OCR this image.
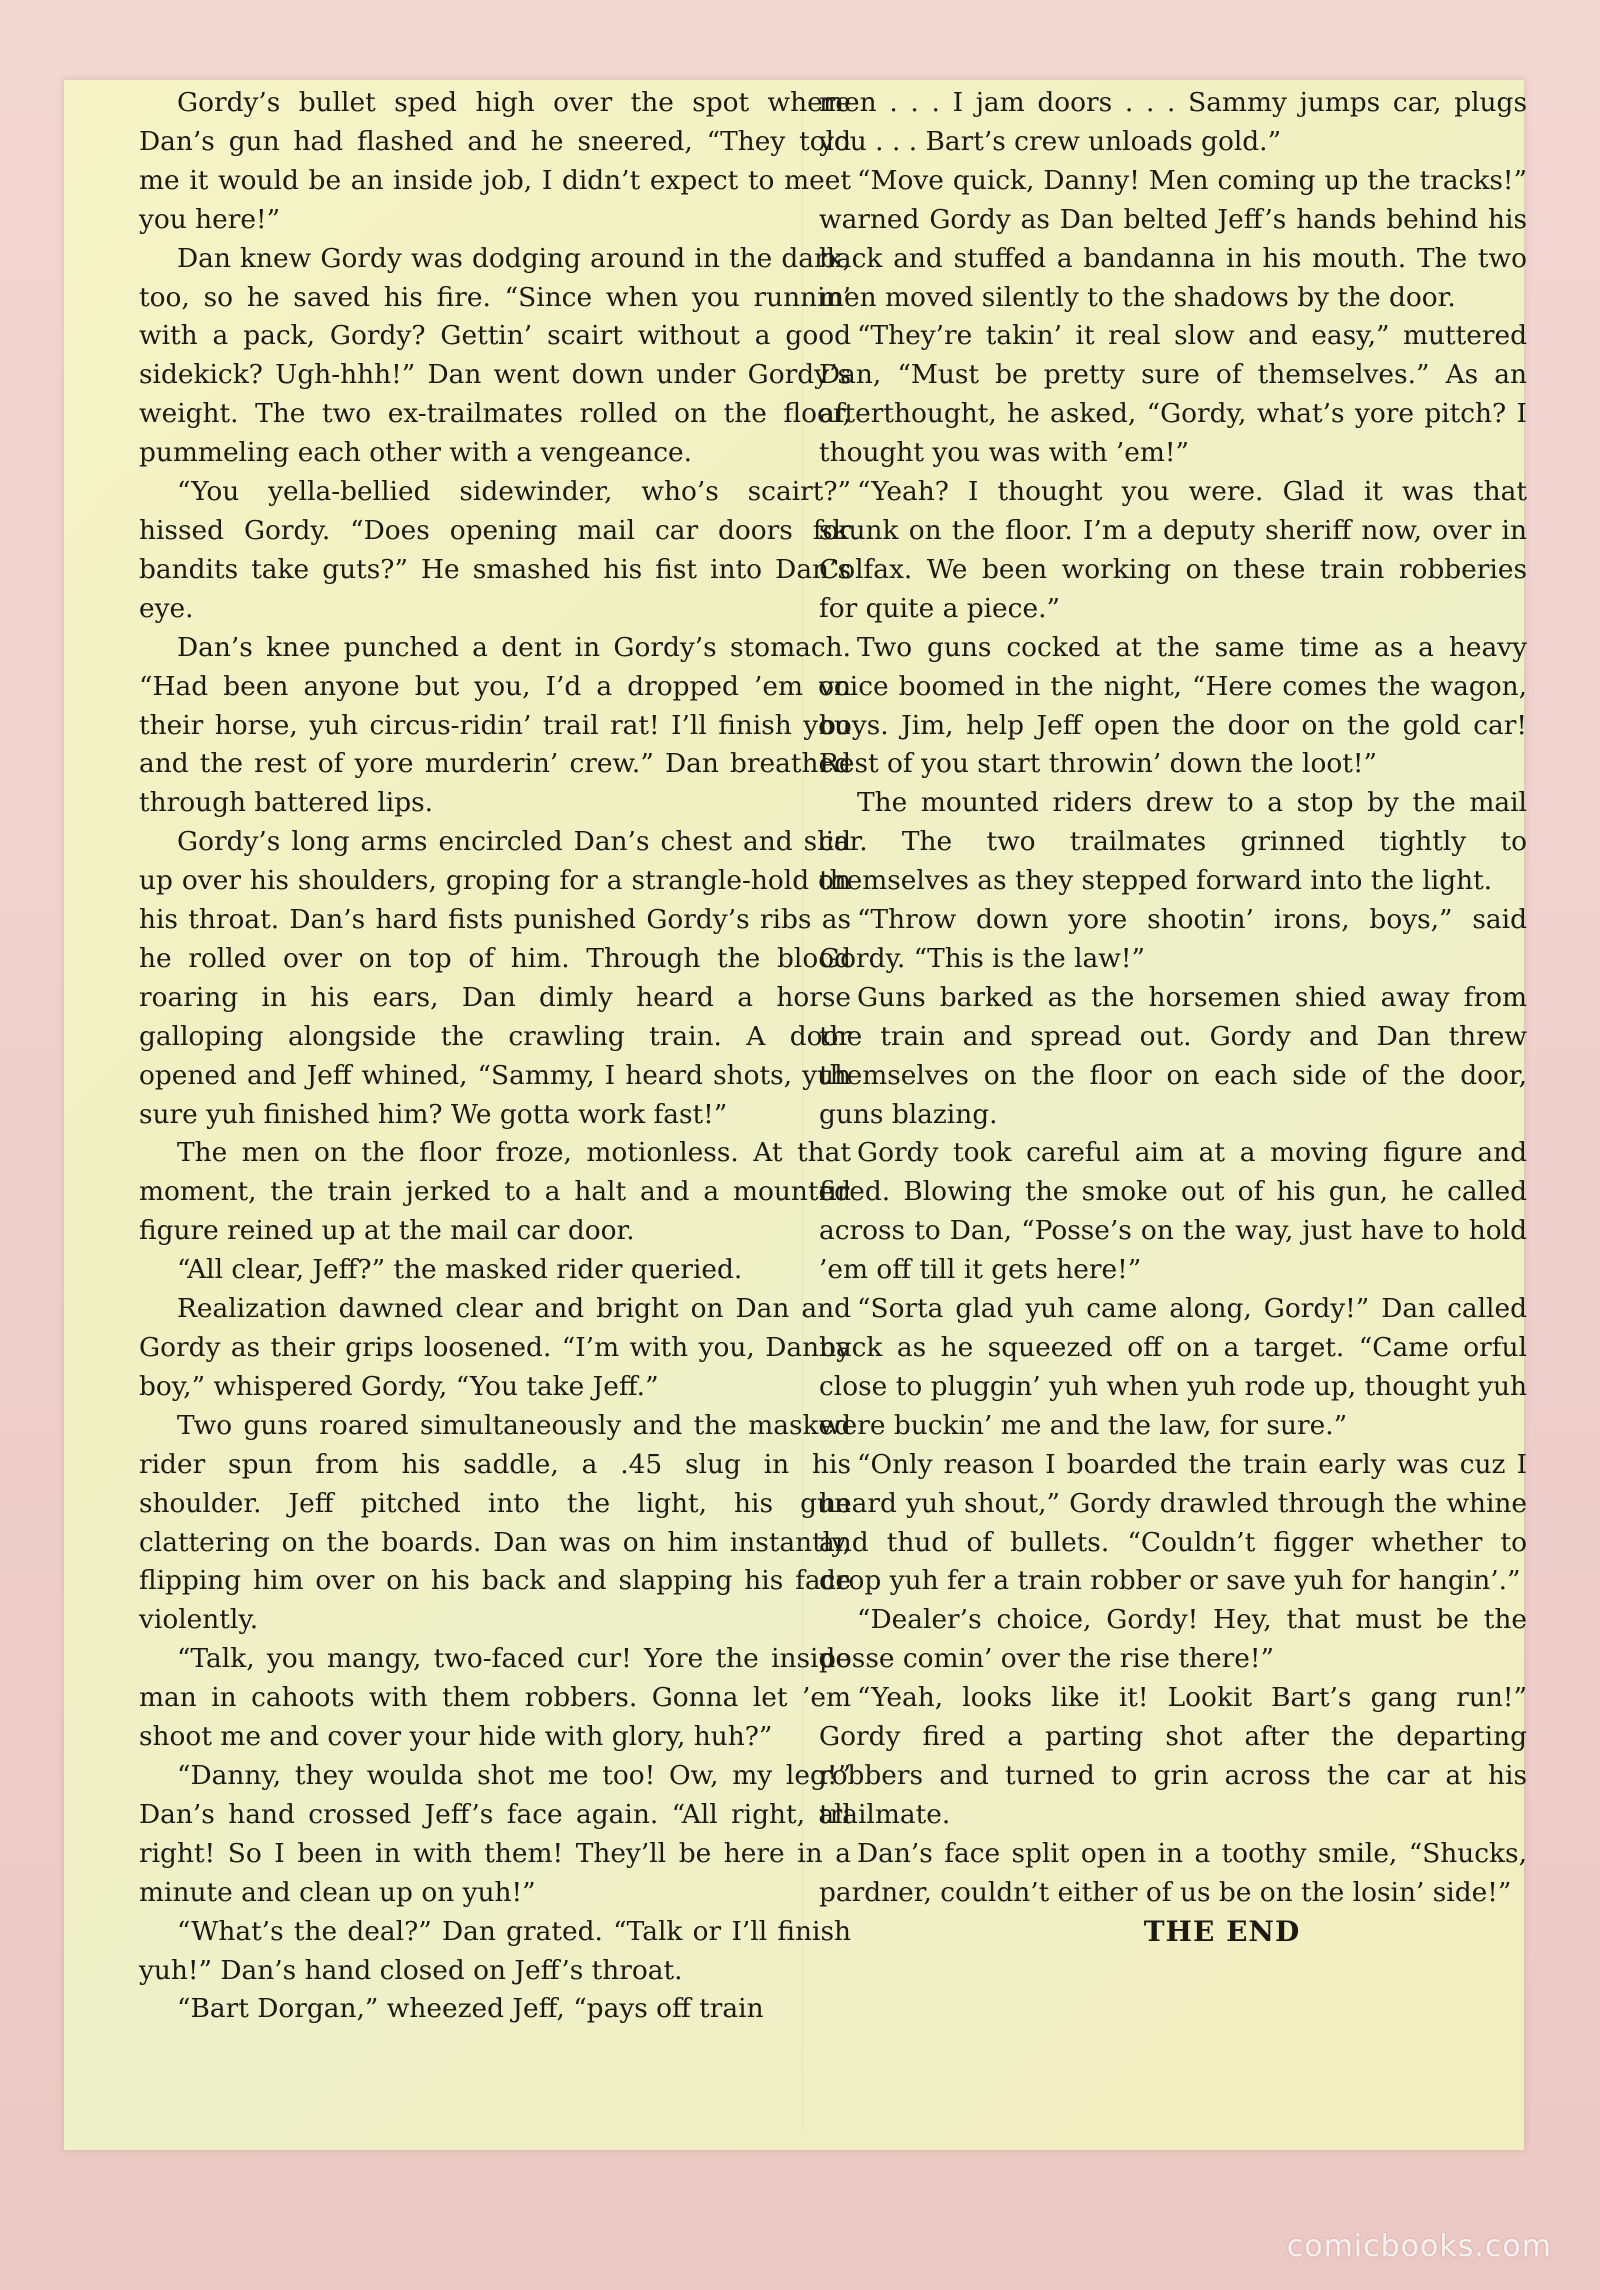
Gordy’s bullet sped high over the spot where Dan’s gun had flashed and he sneered, “They told me it would be an inside job, I didn’t expect to meet you here!”

Dan knew Gordy was dodging around in the dark, too, so he saved his fire. “Since when you runnin’ with a pack, Gordy? Gettin’ scairt without a good sidekick? Ugh-hhh!” Dan went down under Gordy’s weight. The two ex-trailmates rolled on the floor, pummeling each other with a vengeance.

“You yella-bellied sidewinder, who’s scairt?” hissed Gordy. “Does opening mail car doors for bandits take guts?” He smashed his fist into Dan’s eye.

Dan’s knee punched a dent in Gordy’s stomach. “Had been anyone but you, I’d a dropped ’em on their horse, yuh circus-ridin’ trail rat! I’ll finish you and the rest of yore murderin’ crew.” Dan breathed through battered lips.

Gordy’s long arms encircled Dan’s chest and slid up over his shoulders, groping for a strangle-hold on his throat. Dan’s hard fists punished Gordy’s ribs as he rolled over on top of him. Through the blood roaring in his ears, Dan dimly heard a horse galloping alongside the crawling train. A door opened and Jeff whined, “Sammy, I heard shots, yuh sure yuh finished him? We gotta work fast!”

The men on the floor froze, motionless. At that moment, the train jerked to a halt and a mounted figure reined up at the mail car door.

“All clear, Jeff?” the masked rider queried.

Realization dawned clear and bright on Dan and Gordy as their grips loosened. “I’m with you, Danny boy,” whispered Gordy, “You take Jeff.”

Two guns roared simultaneously and the masked rider spun from his saddle, a .45 slug in his shoulder. Jeff pitched into the light, his gun clattering on the boards. Dan was on him instantly, flipping him over on his back and slapping his face violently.

“Talk, you mangy, two-faced cur! Yore the inside man in cahoots with them robbers. Gonna let ’em shoot me and cover your hide with glory, huh?”

“Danny, they woulda shot me too! Ow, my leg!” Dan’s hand crossed Jeff’s face again. “All right, all right! So I been in with them! They’ll be here in a minute and clean up on yuh!”

“What’s the deal?” Dan grated. “Talk or I’ll finish yuh!” Dan’s hand closed on Jeff’s throat.

“Bart Dorgan,” wheezed Jeff, “pays off train

men . . . I jam doors . . . Sammy jumps car, plugs you . . . Bart’s crew unloads gold.”

“Move quick, Danny! Men coming up the tracks!” warned Gordy as Dan belted Jeff’s hands behind his back and stuffed a bandanna in his mouth. The two men moved silently to the shadows by the door.

“They’re takin’ it real slow and easy,” muttered Dan, “Must be pretty sure of themselves.” As an afterthought, he asked, “Gordy, what’s yore pitch? I thought you was with ’em!”

“Yeah? I thought you were. Glad it was that skunk on the floor. I’m a deputy sheriff now, over in Colfax. We been working on these train robberies for quite a piece.”

Two guns cocked at the same time as a heavy voice boomed in the night, “Here comes the wagon, boys. Jim, help Jeff open the door on the gold car! Rest of you start throwin’ down the loot!”

The mounted riders drew to a stop by the mail car. The two trailmates grinned tightly to themselves as they stepped forward into the light.

“Throw down yore shootin’ irons, boys,” said Gordy. “This is the law!”

Guns barked as the horsemen shied away from the train and spread out. Gordy and Dan threw themselves on the floor on each side of the door, guns blazing.

Gordy took careful aim at a moving figure and fired. Blowing the smoke out of his gun, he called across to Dan, “Posse’s on the way, just have to hold ’em off till it gets here!”

“Sorta glad yuh came along, Gordy!” Dan called back as he squeezed off on a target. “Came orful close to pluggin’ yuh when yuh rode up, thought yuh were buckin’ me and the law, for sure.”

“Only reason I boarded the train early was cuz I heard yuh shout,” Gordy drawled through the whine and thud of bullets. “Couldn’t figger whether to drop yuh fer a train robber or save yuh for hangin’.”

“Dealer’s choice, Gordy! Hey, that must be the posse comin’ over the rise there!”

“Yeah, looks like it! Lookit Bart’s gang run!” Gordy fired a parting shot after the departing robbers and turned to grin across the car at his trailmate.

Dan’s face split open in a toothy smile, “Shucks, pardner, couldn’t either of us be on the losin’ side!”

THE END

comicbooks.com
